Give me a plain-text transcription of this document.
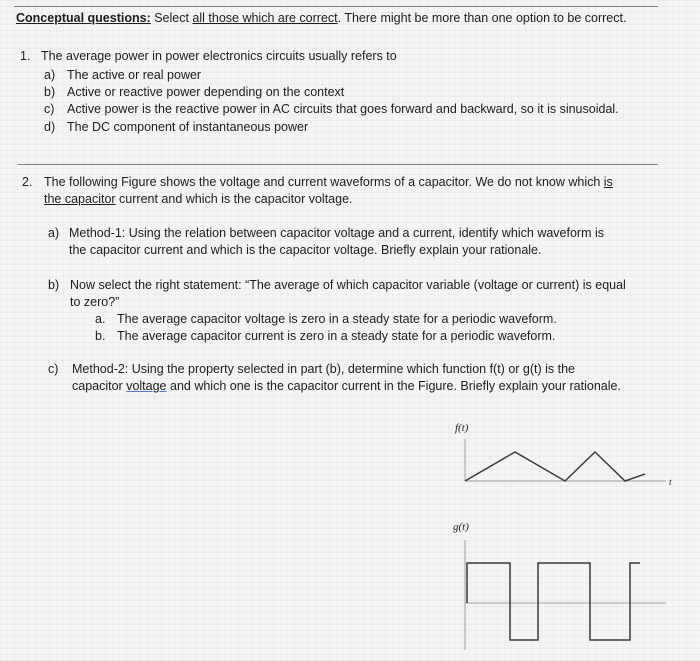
Conceptual questions: Select all those which are correct. There might be more than one option to be correct.
1. The average power in power electronics circuits usually refers to
a) The active or real power
b) Active or reactive power depending on the context
c) Active power is the reactive power in AC circuits that goes forward and backward, so it is sinusoidal.
d) The DC component of instantaneous power
2. The following Figure shows the voltage and current waveforms of a capacitor. We do not know which is
the capacitor current and which is the capacitor voltage.
a) Method-1: Using the relation between capacitor voltage and a current, identify which waveform is
the capacitor current and which is the capacitor voltage. Briefly explain your rationale.
b) Now select the right statement: “The average of which capacitor variable (voltage or current) is equal
to zero?”
a. The average capacitor voltage is zero in a steady state for a periodic waveform.
b. The average capacitor current is zero in a steady state for a periodic waveform.
c) Method-2: Using the property selected in part (b), determine which function f(t) or g(t) is the
capacitor voltage and which one is the capacitor current in the Figure. Briefly explain your rationale.
f(t)
t
g(t)
